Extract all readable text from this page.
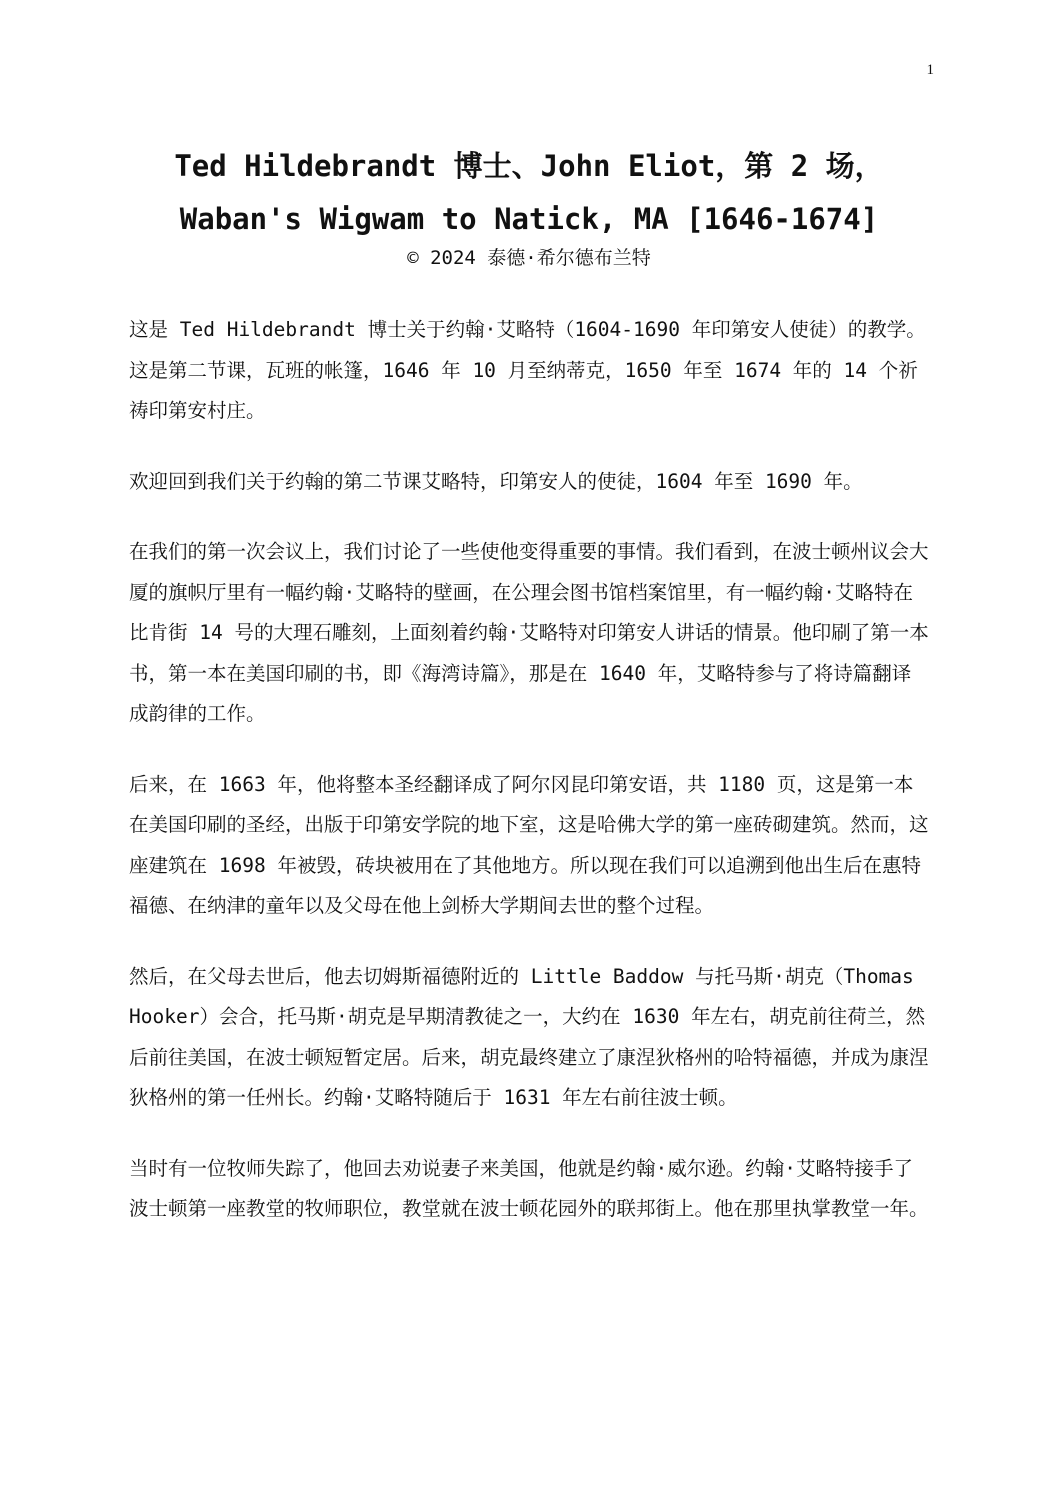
1
Ted Hildebrandt 博士、John Eliot，第 2 场，
Waban's Wigwam to Natick, MA [1646-1674]
© 2024 泰德·希尔德布兰特

这是 Ted Hildebrandt 博士关于约翰·艾略特（1604-1690 年印第安人使徒）的教学。这是第二节课，瓦班的帐篷，1646 年 10 月至纳蒂克，1650 年至 1674 年的 14 个祈祷印第安村庄。

欢迎回到我们关于约翰的第二节课艾略特，印第安人的使徒，1604 年至 1690 年。

在我们的第一次会议上，我们讨论了一些使他变得重要的事情。我们看到，在波士顿州议会大厦的旗帜厅里有一幅约翰·艾略特的壁画，在公理会图书馆档案馆里，有一幅约翰·艾略特在比肯街 14 号的大理石雕刻，上面刻着约翰·艾略特对印第安人讲话的情景。他印刷了第一本书，第一本在美国印刷的书，即《海湾诗篇》，那是在 1640 年，艾略特参与了将诗篇翻译成韵律的工作。

后来，在 1663 年，他将整本圣经翻译成了阿尔冈昆印第安语，共 1180 页，这是第一本在美国印刷的圣经，出版于印第安学院的地下室，这是哈佛大学的第一座砖砌建筑。然而，这座建筑在 1698 年被毁，砖块被用在了其他地方。所以现在我们可以追溯到他出生后在惠特福德、在纳津的童年以及父母在他上剑桥大学期间去世的整个过程。

然后，在父母去世后，他去切姆斯福德附近的 Little Baddow 与托马斯·胡克（Thomas Hooker）会合，托马斯·胡克是早期清教徒之一，大约在 1630 年左右，胡克前往荷兰，然后前往美国，在波士顿短暂定居。后来，胡克最终建立了康涅狄格州的哈特福德，并成为康涅狄格州的第一任州长。约翰·艾略特随后于 1631 年左右前往波士顿。

当时有一位牧师失踪了，他回去劝说妻子来美国，他就是约翰·威尔逊。约翰·艾略特接手了波士顿第一座教堂的牧师职位，教堂就在波士顿花园外的联邦街上。他在那里执掌教堂一年。
